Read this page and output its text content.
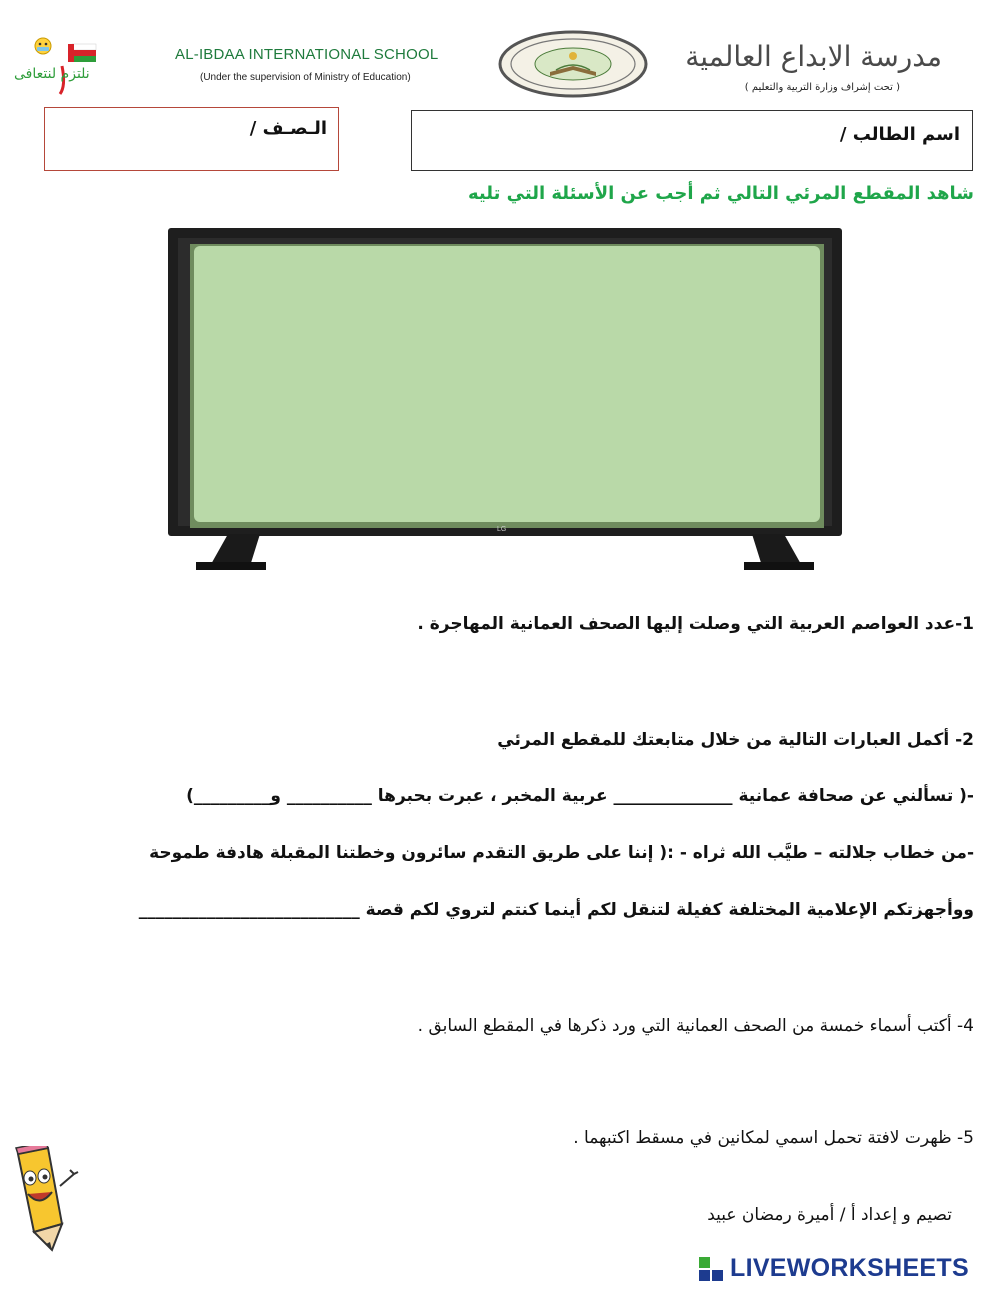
نلتزم لنتعافى
AL-IBDAA INTERNATIONAL SCHOOL
(Under the supervision of Ministry of Education)
مدرسة الابداع العالمية
( تحت إشراف وزارة التربية والتعليم )
اسم الطالب /
الـصـف /
شاهد المقطع المرئي التالي ثم أجب عن الأسئلة التي تليه
LG
1-عدد العواصم العربية التي وصلت إليها الصحف العمانية المهاجرة .
2- أكمل العبارات التالية من خلال متابعتك للمقطع المرئي
-( تسألني عن صحافة عمانية ______________ عربية المخبر ، عبرت بحبرها __________ و_________)
-من خطاب جلالته – طيَّب الله ثراه - :( إننا على طريق التقدم سائرون وخطتنا المقبلة هادفة طموحة
ووأجهزتكم الإعلامية المختلفة كفيلة لتنقل لكم أينما كنتم لتروي لكم قصة __________________________
4- أكتب أسماء خمسة من الصحف العمانية التي ورد ذكرها في المقطع السابق .
5- ظهرت لافتة تحمل اسمي لمكانين في مسقط اكتبهما .
تصيم و إعداد أ / أميرة رمضان عبيد
LIVEWORKSHEETS
